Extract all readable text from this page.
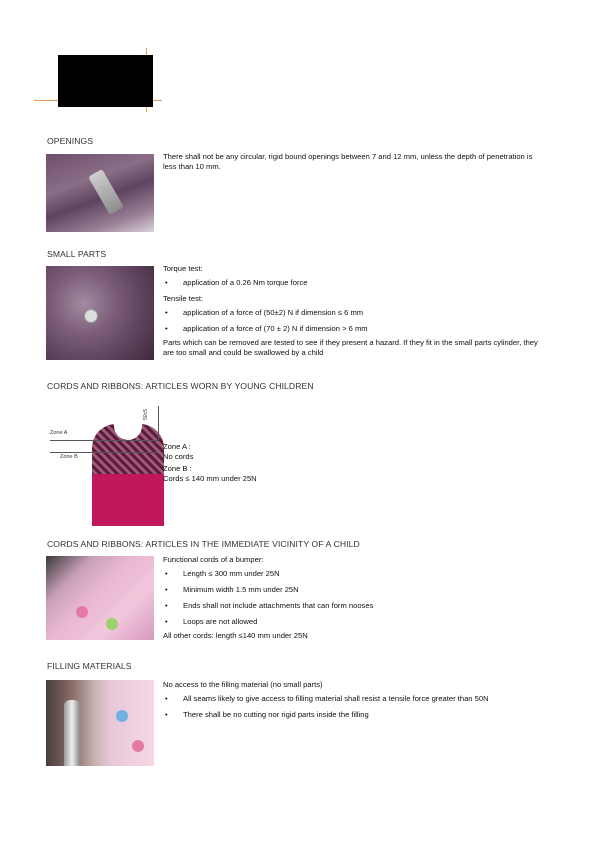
OPENINGS

There shall not be any circular, rigid bound openings between 7 and 12 mm, unless the depth of penetration is less than 10 mm.

SMALL PARTS

Torque test:

• application of a 0.26 Nm torque force

Tensile test:

• application of a force of (50±2) N if dimension ≤ 6 mm
• application of a force of (70 ± 2) N if dimension > 6 mm

Parts which can be removed are tested to see if they present a hazard. If they fit in the small parts cylinder, they are too small and could be swallowed by a child

CORDS AND RIBBONS: ARTICLES WORN BY YOUNG CHILDREN
Zone A
Zone B
50±5

Zone A :

No cords

Zone B :

Cords ≤ 140 mm under 25N

CORDS AND RIBBONS: ARTICLES IN THE IMMEDIATE VICINITY OF A CHILD

Functional cords of a bumper:

• Length ≤ 300 mm under 25N
• Minimum width 1.5 mm under 25N
• Ends shall not include attachments that can form nooses
• Loops are not allowed

All other cords: length ≤140 mm under 25N

FILLING MATERIALS

No access to the filling material (no small parts)

• All seams likely to give access to filling material shall resist a tensile force greater than 50N
• There shall be no cutting nor rigid parts inside the filling
